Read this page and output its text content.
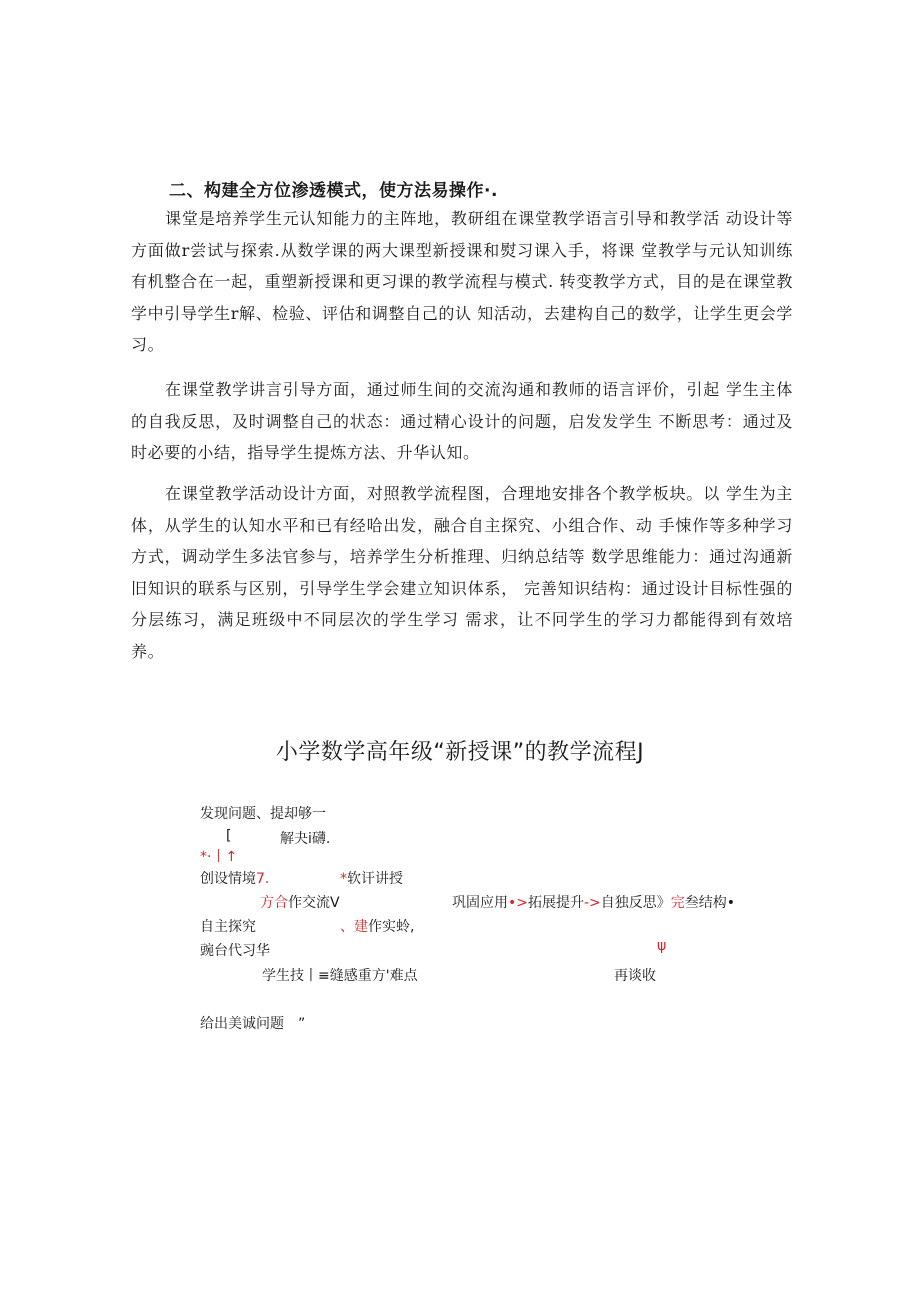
二、构建全方位渗透模式，使方法易操作·.
课堂是培养学生元认知能力的主阵地，教研组在课堂教学语言引导和教学活 动设计等方面做r尝试与探索.从数学课的两大课型新授课和熨习课入手，将课 堂教学与元认知训练有机整合在一起，重塑新授课和更习课的教学流程与模式. 转变教学方式，目的是在课堂教学中引导学生r解、检验、评估和调整自己的认 知活动，去建构自己的数学，让学生更会学习。
在课堂教学讲言引导方面，通过师生间的交流沟通和教师的语言评价，引起 学生主体的自我反思，及时调整自己的状态：通过精心设计的问题，启发发学生 不断思考：通过及时必要的小结，指导学生提炼方法、升华认知。
在课堂教学活动设计方面，对照教学流程图，合理地安排各个教学板块。以 学生为主体，从学生的认知水平和已有经哈出发，融合自主探究、小组合作、动 手悚作等多种学习方式，调动学生多法官参与，培养学生分析推理、归纳总结等 数学思维能力：通过沟通新旧知识的联系与区别，引导学生学会建立知识体系， 完善知识结构：通过设计目标性强的分层练习，满足班级中不同层次的学生学习 需求，让不冋学生的学习力都能得到有效培养。
小学数学高年级“新授课”的教学流程J
发现问题、提却够一
[	解夬i礴.
*·丨↑
创设情境7.	*软讦讲授
方合作交流V	巩固应用•>拓展提升->自独反思》完叁结构•
自主探究	、建作实蛉,
豌台代习华	ψ
学生技丨≡缝感重方'难点	再谈收
给出美诚问题　”
